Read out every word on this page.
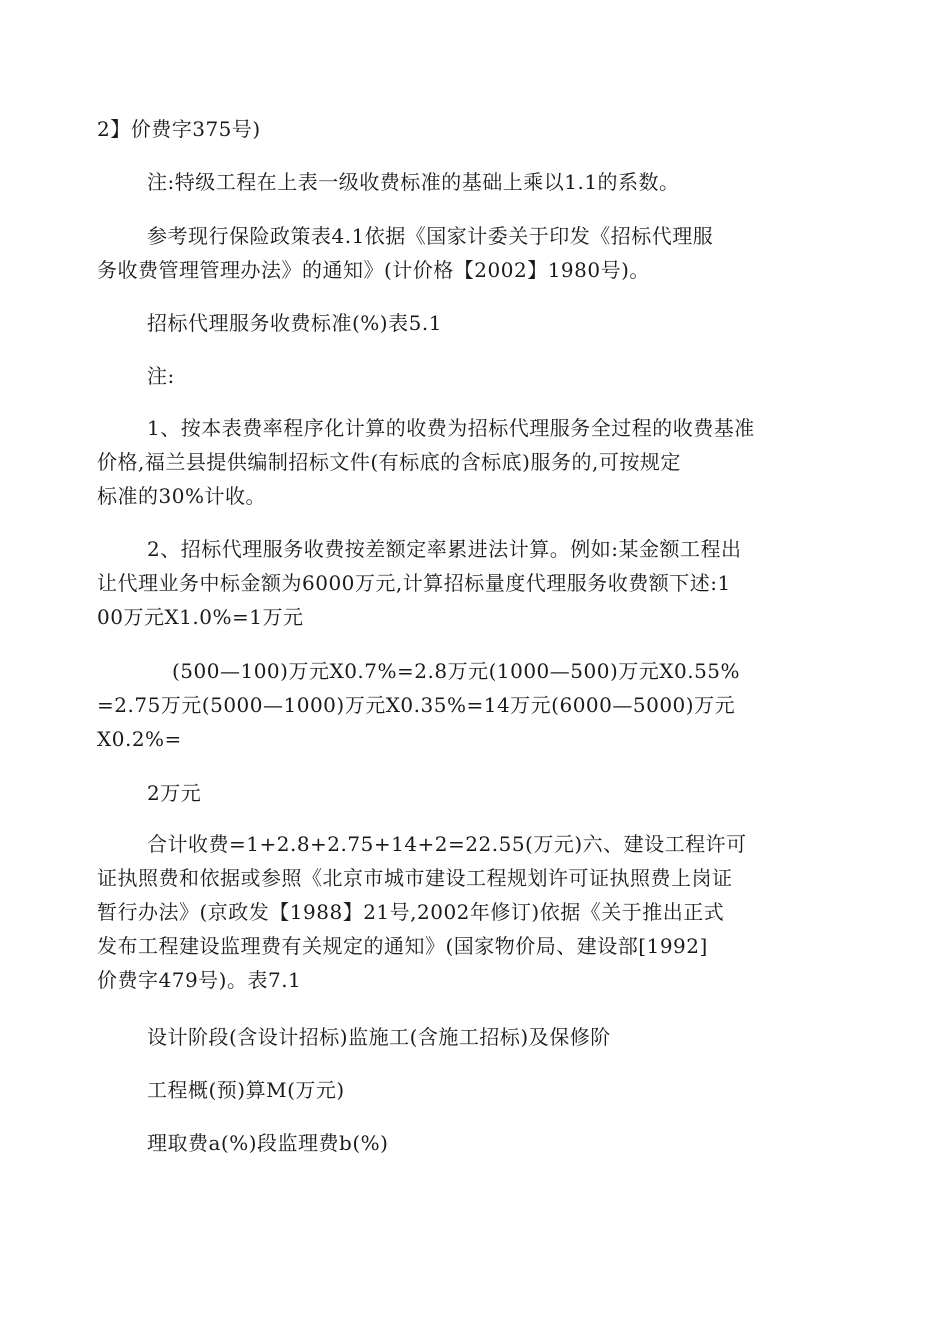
2】价费字375号)
注:特级工程在上表一级收费标准的基础上乘以1.1的系数。
参考现行保险政策表4.1依据《国家计委关于印发《招标代理服
务收费管理管理办法》的通知》(计价格【2002】1980号)。
招标代理服务收费标准(%)表5.1
注:
1、按本表费率程序化计算的收费为招标代理服务全过程的收费基准
价格,福兰县提供编制招标文件(有标底的含标底)服务的,可按规定
标准的30%计收。
2、招标代理服务收费按差额定率累进法计算。例如:某金额工程出
让代理业务中标金额为6000万元,计算招标量度代理服务收费额下述:1
00万元X1.0%=1万元
(500—100)万元X0.7%=2.8万元(1000—500)万元X0.55%
=2.75万元(5000—1000)万元X0.35%=14万元(6000—5000)万元
X0.2%=
2万元
合计收费=1+2.8+2.75+14+2=22.55(万元)六、建设工程许可
证执照费和依据或参照《北京市城市建设工程规划许可证执照费上岗证
暂行办法》(京政发【1988】21号,2002年修订)依据《关于推出正式
发布工程建设监理费有关规定的通知》(国家物价局、建设部[1992]
价费字479号)。表7.1
设计阶段(含设计招标)监施工(含施工招标)及保修阶
工程概(预)算M(万元)
理取费a(%)段监理费b(%)
